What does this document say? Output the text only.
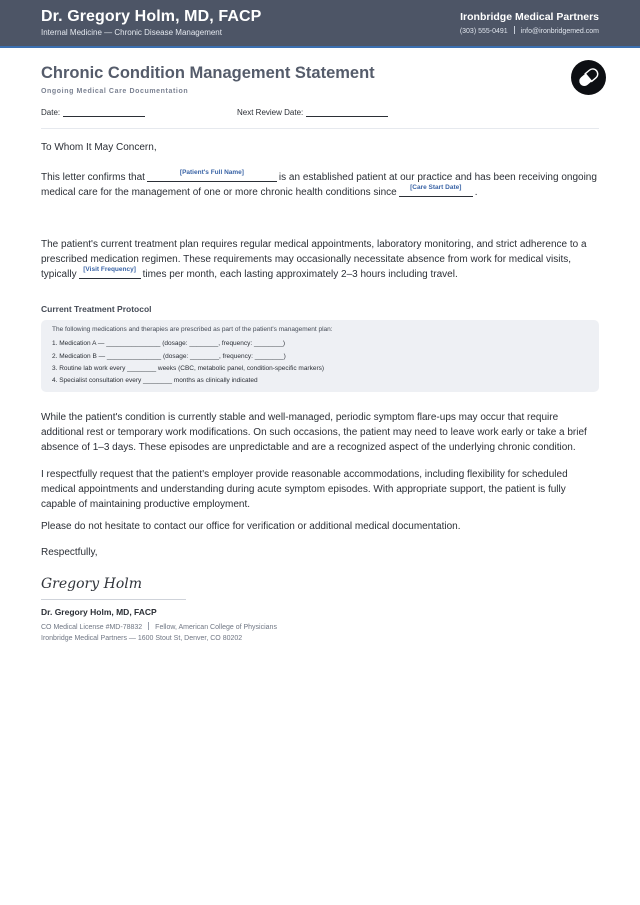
Dr. Gregory Holm, MD, FACP
Internal Medicine — Chronic Disease Management
Ironbridge Medical Partners
(303) 555-0491 info@ironbridgemed.com
Chronic Condition Management Statement
Ongoing Medical Care Documentation
Date:	Next Review Date:
To Whom It May Concern,
This letter confirms that	[Patient's Full Name]	is an established patient at our practice and has been receiving ongoing medical care for the management of one or more chronic health conditions since	[Care Start Date]	.
The patient's current treatment plan requires regular medical appointments, laboratory monitoring, and strict adherence to a prescribed medication regimen. These requirements may occasionally necessitate absence from work for medical visits, typically	[Visit Frequency] times per month, each lasting approximately 2–3 hours including travel.
Current Treatment Protocol
The following medications and therapies are prescribed as part of the patient's management plan:
1. Medication A — _______________ (dosage: ________, frequency: ________)
2. Medication B — _______________ (dosage: ________, frequency: ________)
3. Routine lab work every ________ weeks (CBC, metabolic panel, condition-specific markers)
4. Specialist consultation every ________ months as clinically indicated
While the patient's condition is currently stable and well-managed, periodic symptom flare-ups may occur that require additional rest or temporary work modifications. On such occasions, the patient may need to leave work early or take a brief absence of 1–3 days. These episodes are unpredictable and are a recognized aspect of the underlying chronic condition.
I respectfully request that the patient's employer provide reasonable accommodations, including flexibility for scheduled medical appointments and understanding during acute symptom episodes. With appropriate support, the patient is fully capable of maintaining productive employment.
Please do not hesitate to contact our office for verification or additional medical documentation.
Respectfully,
Gregory Holm
Dr. Gregory Holm, MD, FACP
CO Medical License #MD-78832 Fellow, American College of Physicians
Ironbridge Medical Partners — 1600 Stout St, Denver, CO 80202
